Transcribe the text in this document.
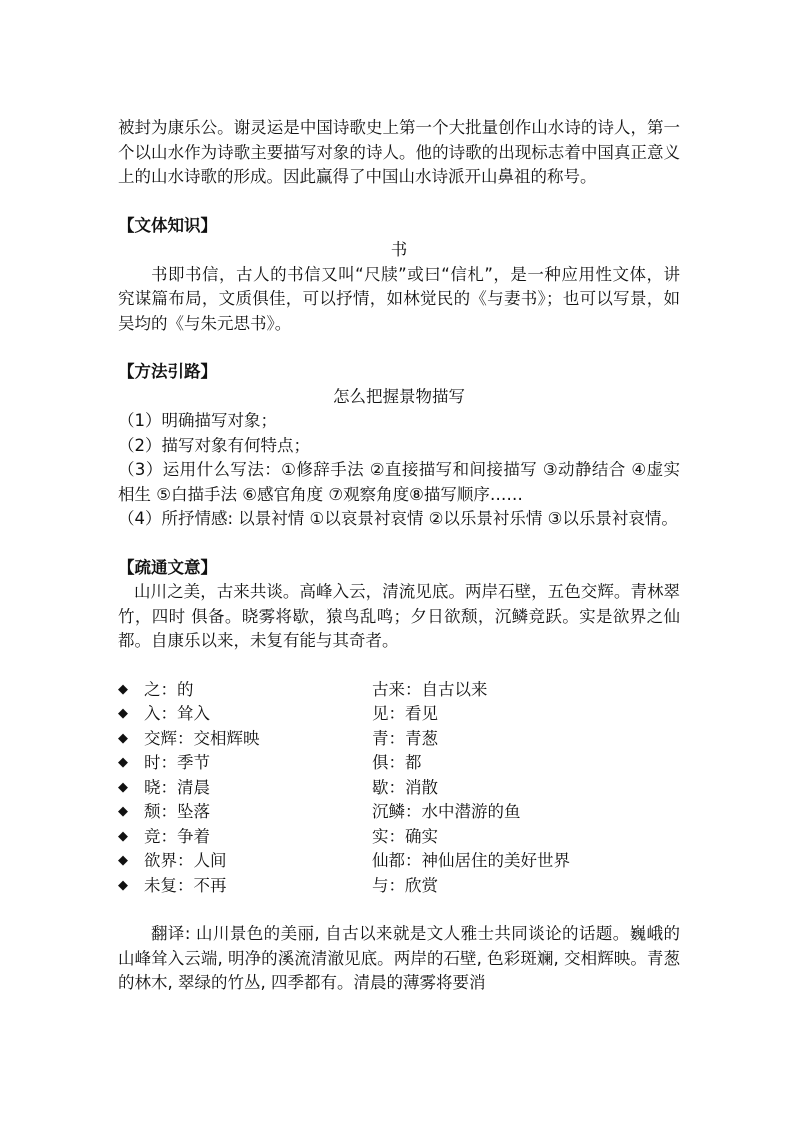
被封为康乐公。谢灵运是中国诗歌史上第一个大批量创作山水诗的诗人，第一个以山水作为诗歌主要描写对象的诗人。他的诗歌的出现标志着中国真正意义上的山水诗歌的形成。因此赢得了中国山水诗派开山鼻祖的称号。

【文体知识】

书

书即书信，古人的书信又叫“尺牍”或曰“信札”，是一种应用性文体，讲究谋篇布局，文质俱佳，可以抒情，如林觉民的《与妻书》；也可以写景，如吴均的《与朱元思书》。

【方法引路】

怎么把握景物描写

（1）明确描写对象；

（2）描写对象有何特点；

（3）运用什么写法：①修辞手法 ②直接描写和间接描写 ③动静结合 ④虚实相生 ⑤白描手法 ⑥感官角度 ⑦观察角度⑧描写顺序……

（4）所抒情感: 以景衬情 ①以哀景衬哀情 ②以乐景衬乐情 ③以乐景衬哀情。

【疏通文意】

山川之美，古来共谈。高峰入云，清流见底。两岸石壁，五色交辉。青林翠竹，四时 俱备。晓雾将歇，猿鸟乱鸣；夕日欲颓，沉鳞竞跃。实是欲界之仙都。自康乐以来，未复有能与其奇者。

◆ 之：的	古来：自古以来
◆ 入：耸入	见：看见
◆ 交辉：交相辉映	青：青葱
◆ 时：季节	俱：都
◆ 晓：清晨	歇：消散
◆ 颓：坠落	沉鳞：水中潜游的鱼
◆ 竞：争着	实：确实
◆ 欲界：人间	仙都：神仙居住的美好世界
◆ 未复：不再	与：欣赏

翻译: 山川景色的美丽, 自古以来就是文人雅士共同谈论的话题。巍峨的山峰耸入云端, 明净的溪流清澈见底。两岸的石壁, 色彩斑斓, 交相辉映。青葱的林木, 翠绿的竹丛, 四季都有。清晨的薄雾将要消
